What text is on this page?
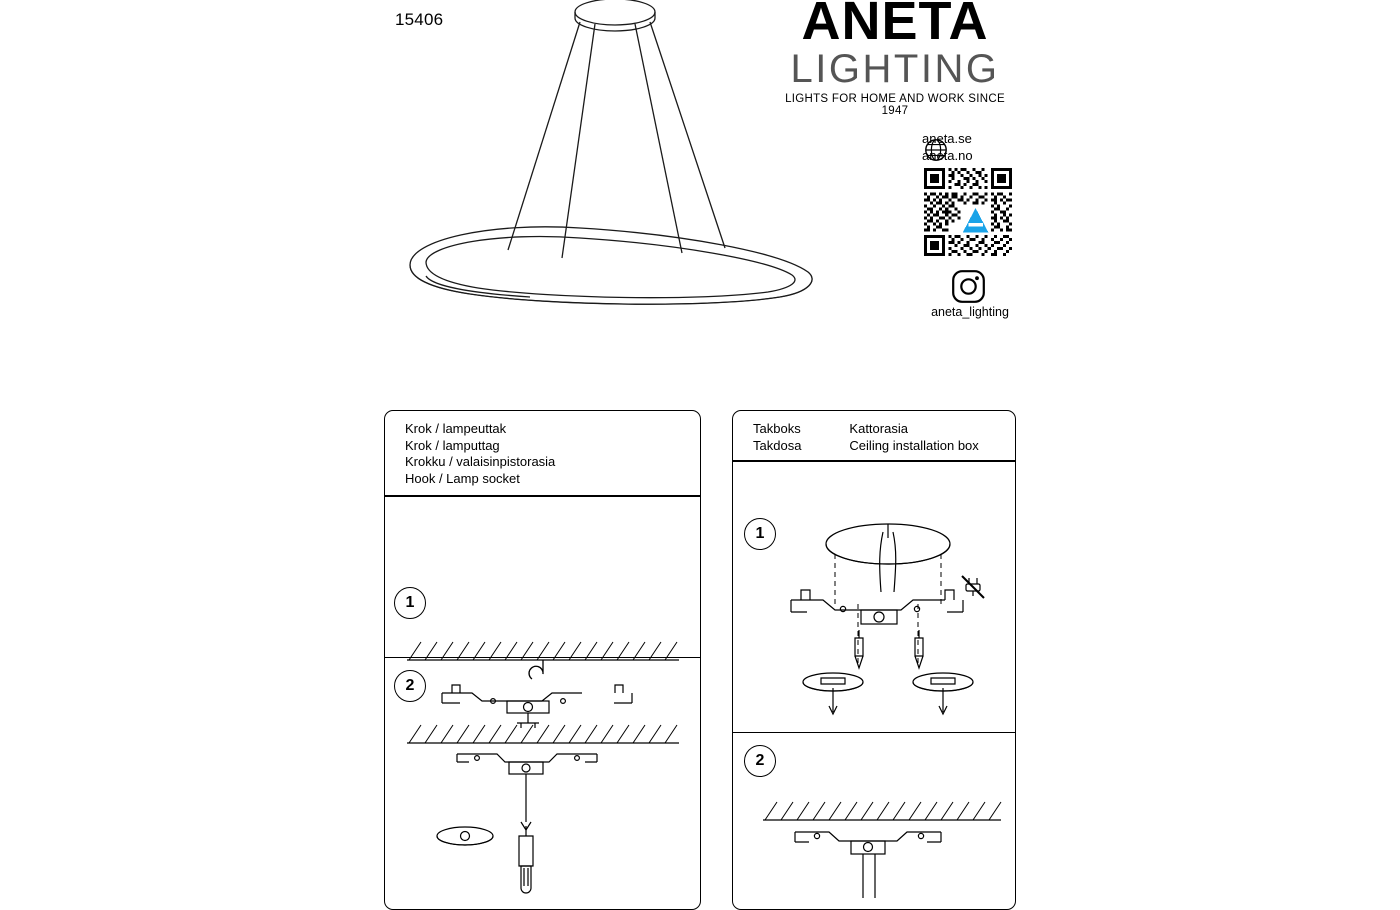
15406	ANETA
LIGHTING
LIGHTS FOR HOME AND WORK SINCE 1947
aneta.se
aneta.no
aneta_lighting
Krok / lampeuttak
Krok / lamputtag
Krokku / valaisinpistorasia
Hook / Lamp socket
1
2
Takboks
Takdosa
Kattorasia
Ceiling installation box
1
2
